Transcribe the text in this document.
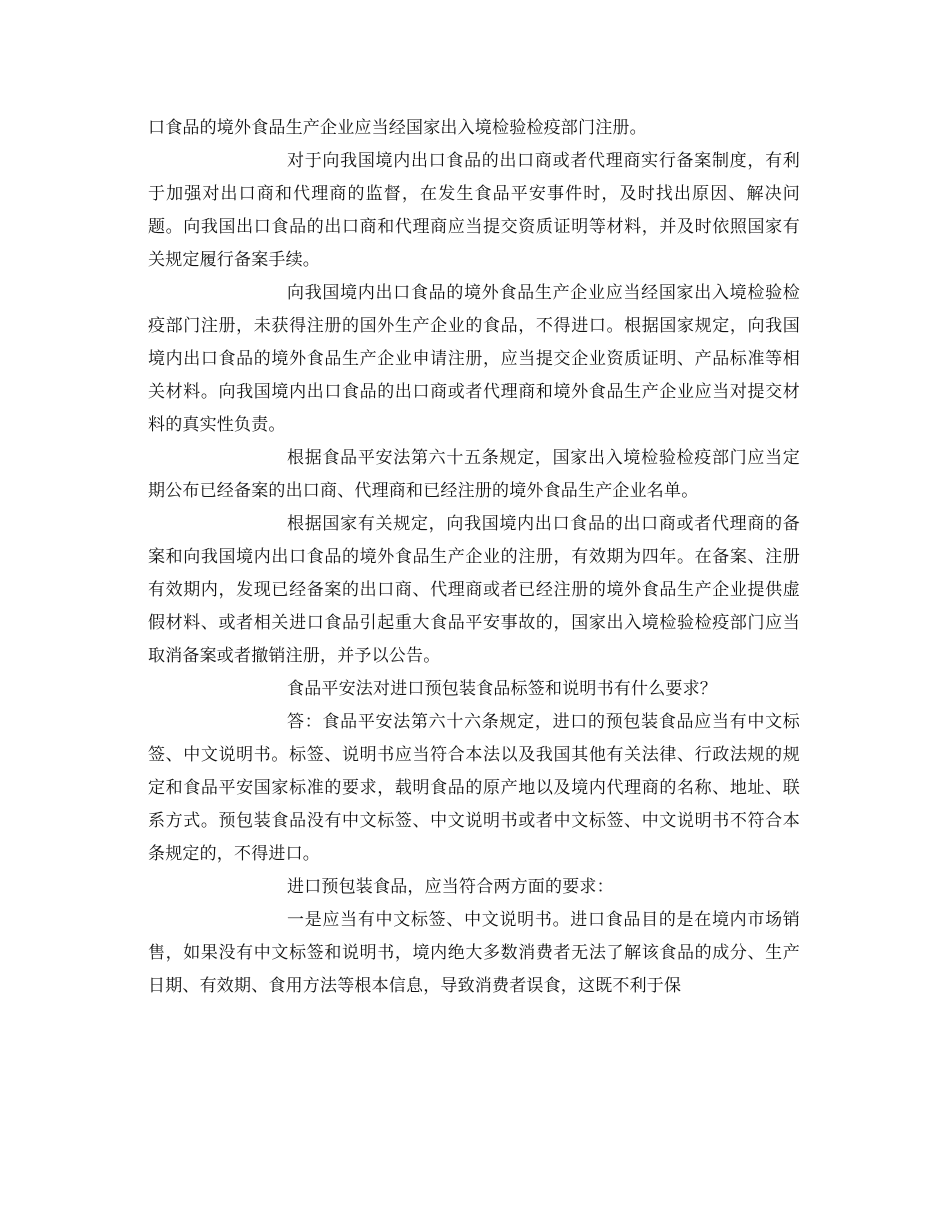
口食品的境外食品生产企业应当经国家出入境检验检疫部门注册。

对于向我国境内出口食品的出口商或者代理商实行备案制度，有利于加强对出口商和代理商的监督，在发生食品平安事件时，及时找出原因、解决问题。向我国出口食品的出口商和代理商应当提交资质证明等材料，并及时依照国家有关规定履行备案手续。

向我国境内出口食品的境外食品生产企业应当经国家出入境检验检疫部门注册，未获得注册的国外生产企业的食品，不得进口。根据国家规定，向我国境内出口食品的境外食品生产企业申请注册，应当提交企业资质证明、产品标准等相关材料。向我国境内出口食品的出口商或者代理商和境外食品生产企业应当对提交材料的真实性负责。

根据食品平安法第六十五条规定，国家出入境检验检疫部门应当定期公布已经备案的出口商、代理商和已经注册的境外食品生产企业名单。

根据国家有关规定，向我国境内出口食品的出口商或者代理商的备案和向我国境内出口食品的境外食品生产企业的注册，有效期为四年。在备案、注册有效期内，发现已经备案的出口商、代理商或者已经注册的境外食品生产企业提供虚假材料、或者相关进口食品引起重大食品平安事故的，国家出入境检验检疫部门应当取消备案或者撤销注册，并予以公告。

食品平安法对进口预包装食品标签和说明书有什么要求？

答：食品平安法第六十六条规定，进口的预包装食品应当有中文标签、中文说明书。标签、说明书应当符合本法以及我国其他有关法律、行政法规的规定和食品平安国家标准的要求，载明食品的原产地以及境内代理商的名称、地址、联系方式。预包装食品没有中文标签、中文说明书或者中文标签、中文说明书不符合本条规定的，不得进口。

进口预包装食品，应当符合两方面的要求：

一是应当有中文标签、中文说明书。进口食品目的是在境内市场销售，如果没有中文标签和说明书，境内绝大多数消费者无法了解该食品的成分、生产日期、有效期、食用方法等根本信息，导致消费者误食，这既不利于保
